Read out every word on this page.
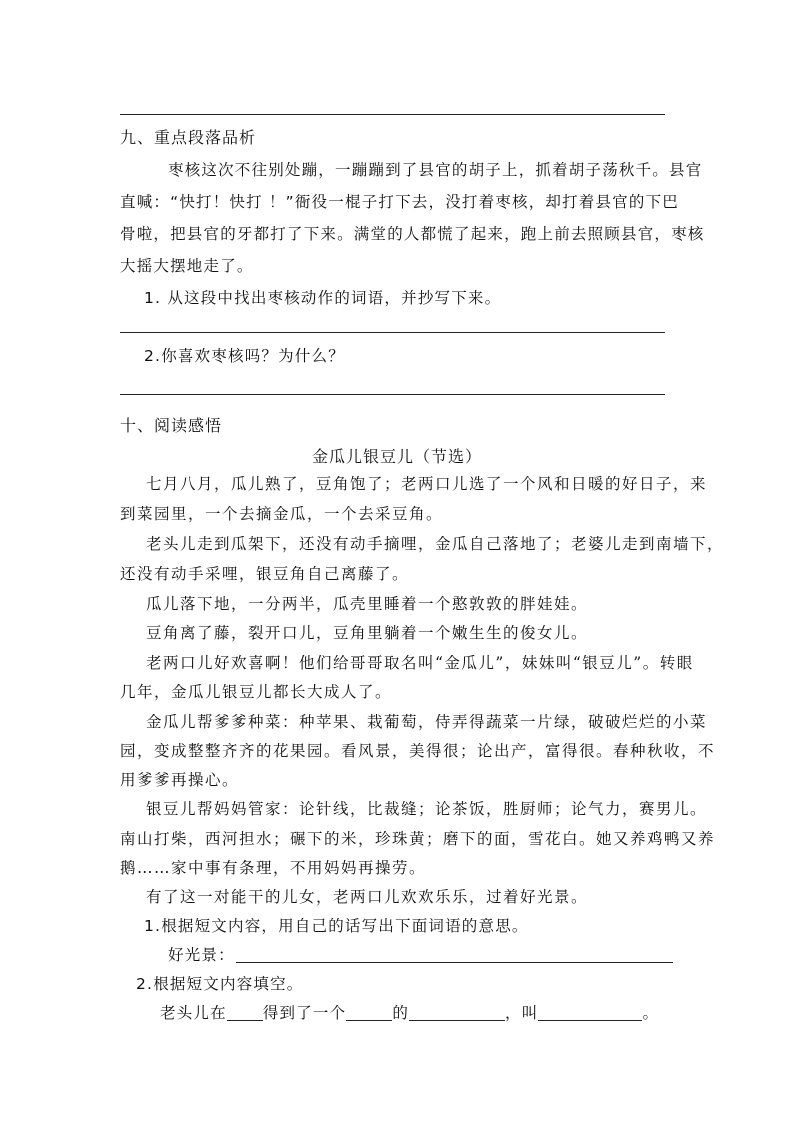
九、重点段落品析
枣核这次不往别处蹦，一蹦蹦到了县官的胡子上，抓着胡子荡秋千。县官
直喊：“快打！快打 ！”衙役一棍子打下去，没打着枣核，却打着县官的下巴
骨啦，把县官的牙都打了下来。满堂的人都慌了起来，跑上前去照顾县官，枣核
大摇大摆地走了。
1. 从这段中找出枣核动作的词语，并抄写下来。
2.你喜欢枣核吗？为什么？
十、阅读感悟
金瓜儿银豆儿（节选）
七月八月，瓜儿熟了，豆角饱了；老两口儿选了一个风和日暖的好日子，来
到菜园里，一个去摘金瓜，一个去采豆角。
老头儿走到瓜架下，还没有动手摘哩，金瓜自己落地了；老婆儿走到南墙下，
还没有动手采哩，银豆角自己离藤了。
瓜儿落下地，一分两半，瓜壳里睡着一个憨敦敦的胖娃娃。
豆角离了藤，裂开口儿，豆角里躺着一个嫩生生的俊女儿。
老两口儿好欢喜啊！他们给哥哥取名叫“金瓜儿”，妹妹叫“银豆儿”。转眼
几年，金瓜儿银豆儿都长大成人了。
金瓜儿帮爹爹种菜：种苹果、栽葡萄，侍弄得蔬菜一片绿，破破烂烂的小菜
园，变成整整齐齐的花果园。看风景，美得很；论出产，富得很。春种秋收，不
用爹爹再操心。
银豆儿帮妈妈管家：论针线，比裁缝；论茶饭，胜厨师；论气力，赛男儿。
南山打柴，西河担水；碾下的米，珍珠黄；磨下的面，雪花白。她又养鸡鸭又养
鹅……家中事有条理，不用妈妈再操劳。
有了这一对能干的儿女，老两口儿欢欢乐乐，过着好光景。
1.根据短文内容，用自己的话写出下面词语的意思。
好光景：
2.根据短文内容填空。
老头儿在 得到了一个	的	，叫	。
